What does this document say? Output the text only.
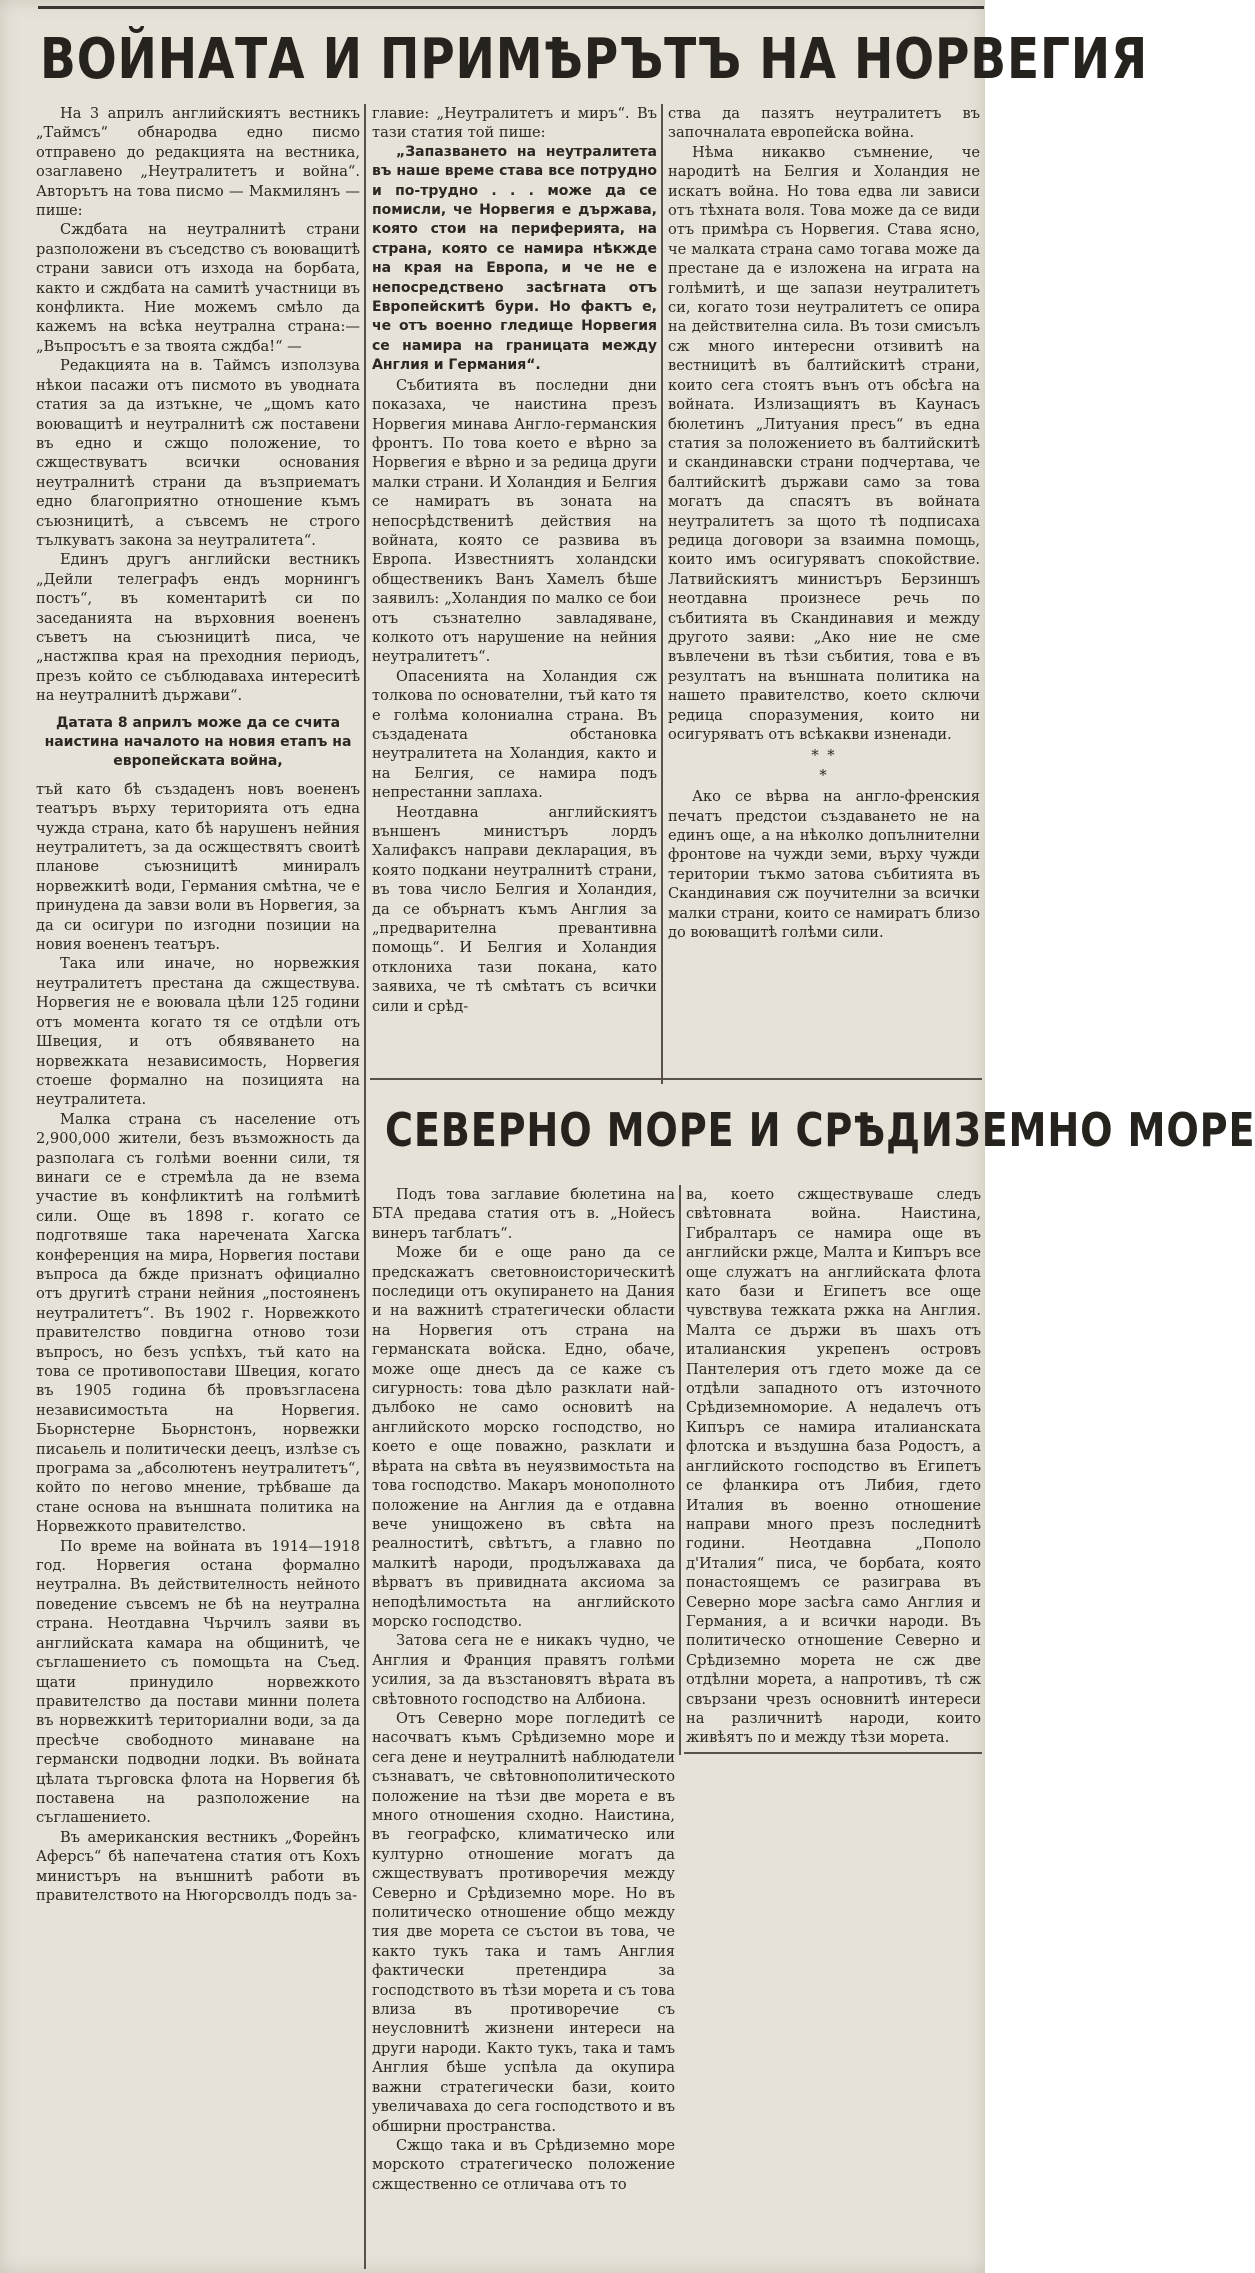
ВОЙНАТА И ПРИМѢРЪТЪ НА НОРВЕГИЯ

На 3 априлъ английскиятъ вестникъ „Таймсъ“ обнародва едно писмо отправено до редакцията на вестника, озаглавено „Неутралитетъ и война“. Авторътъ на това писмо — Макмилянъ — пише:

Сждбата на неутралнитѣ страни разположени въ съседство съ воюващитѣ страни зависи отъ изхода на борбата, както и сждбата на самитѣ участници въ конфликта. Ние можемъ смѣло да кажемъ на всѣка неутрална страна:—„Въпросътъ е за твоята сждба!“ —

Редакцията на в. Таймсъ използува нѣкои пасажи отъ писмото въ уводната статия за да изтъкне, че „щомъ като воюващитѣ и неутралнитѣ сж поставени въ едно и сжщо положение, то сжществуватъ всички основания неутралнитѣ страни да възприематъ едно благоприятно отношение къмъ съюзницитѣ, а съвсемъ не строго тълкуватъ закона за неутралитета“.

Единъ другъ английски вестникъ „Дейли телеграфъ ендъ морнингъ постъ“, въ коментаритѣ си по заседанията на върховния воененъ съветъ на съюзницитѣ писа, че „настжпва края на преходния периодъ, презъ който се съблюдаваха интереситѣ на неутралнитѣ държави“.

Датата 8 априлъ може да се счита наистина началото на новия етапъ на европейската война,

тъй като бѣ създаденъ новъ воененъ театъръ върху територията отъ една чужда страна, като бѣ нарушенъ нейния неутралитетъ, за да осжществятъ своитѣ планове съюзницитѣ миниралъ норвежкитѣ води, Германия смѣтна, че е принудена да завзи воли въ Норвегия, за да си осигури по изгодни позиции на новия воененъ театъръ.

Така или иначе, но норвежкия неутралитетъ престана да сжществува. Норвегия не е воювала цѣли 125 години отъ момента когато тя се отдѣли отъ Швеция, и отъ обявяването на норвежката независимость, Норвегия стоеше формално на позицията на неутралитета.

Малка страна съ население отъ 2,900,000 жители, безъ възможность да разполага съ голѣми военни сили, тя винаги се е стремѣла да не взема участие въ конфликтитѣ на голѣмитѣ сили. Още въ 1898 г. когато се подготвяше така наречената Хагска конференция на мира, Норвегия постави въпроса да бжде признатъ официално отъ другитѣ страни нейния „постояненъ неутралитетъ“. Въ 1902 г. Норвежкото правителство повдигна отново този въпросъ, но безъ успѣхъ, тъй като на това се противопостави Швеция, когато въ 1905 година бѣ провъзгласена независимостьта на Норвегия. Бьорнстерне Бьорнстонъ, норвежки писаьель и политически деецъ, излѣзе съ програма за „абсолютенъ неутралитетъ“, който по негово мнение, трѣбваше да стане основа на външната политика на Норвежкото правителство.

По време на войната въ 1914—1918 год. Норвегия остана формално неутрална. Въ действителность нейното поведение съвсемъ не бѣ на неутрална страна. Неотдавна Чърчилъ заяви въ английската камара на общинитѣ, че съглашението съ помощьта на Съед. щати принудило норвежкото правителство да постави минни полета въ норвежкитѣ териториални води, за да пресѣче свободното минаване на германски подводни лодки. Въ войната цѣлата търговска флота на Норвегия бѣ поставена на разположение на съглашението.

Въ американския вестникъ „Форейнъ Аферсъ“ бѣ напечатена статия отъ Кохъ министъръ на външнитѣ работи въ правителството на Нюгорсволдъ подъ за-

главие: „Неутралитетъ и миръ“. Въ тази статия той пише:

„Запазването на неутралитета въ наше време става все потрудно и по-трудно . . . може да се помисли, че Норвегия е държава, която стои на периферията, на страна, която се намира нѣкжде на края на Европа, и че не е непосредствено засѣгната отъ Европейскитѣ бури. Но фактъ е, че отъ военно гледище Норвегия се намира на границата между Англия и Германия“.

Събитията въ последни дни показаха, че наистина презъ Норвегия минава Англо-германския фронтъ. По това което е вѣрно за Норвегия е вѣрно и за редица други малки страни. И Холандия и Белгия се намиратъ въ зоната на непосрѣдственитѣ действия на войната, която се развива въ Европа. Известниятъ холандски общественикъ Ванъ Хамелъ бѣше заявилъ: „Холандия по малко се бои отъ съзнателно завладяване, колкото отъ нарушение на нейния неутралитетъ“.

Опасенията на Холандия сж толкова по основателни, тъй като тя е голѣма колониална страна. Въ създадената обстановка неутралитета на Холандия, както и на Белгия, се намира подъ непрестанни заплаха.

Неотдавна английскиятъ външенъ министъръ лордъ Халифаксъ направи декларация, въ която подкани неутралнитѣ страни, въ това число Белгия и Холандия, да се обърнатъ къмъ Англия за „предварителна превантивна помощь“. И Белгия и Холандия отклониха тази покана, като заявиха, че тѣ смѣтатъ съ всички сили и срѣд-

ства да пазятъ неутралитетъ въ започналата европейска война.

Нѣма никакво съмнение, че народитѣ на Белгия и Холандия не искатъ война. Но това едва ли зависи отъ тѣхната воля. Това може да се види отъ примѣра съ Норвегия. Става ясно, че малката страна само тогава може да престане да е изложена на играта на голѣмитѣ, и ще запази неутралитетъ си, когато този неутралитетъ се опира на действителна сила. Въ този смисълъ сж много интересни отзивитѣ на вестницитѣ въ балтийскитѣ страни, които сега стоятъ вънъ отъ обсѣга на войната. Излизащиятъ въ Каунасъ бюлетинъ „Литуания пресъ“ въ една статия за положението въ балтийскитѣ и скандинавски страни подчертава, че балтийскитѣ държави само за това могатъ да спасятъ въ войната неутралитетъ за щото тѣ подписаха редица договори за взаимна помощь, които имъ осигуряватъ спокойствие. Латвийскиятъ министъръ Берзиншъ неотдавна произнесе речь по събитията въ Скандинавия и между другото заяви: „Ако ние не сме въвлечени въ тѣзи събития, това е въ резултатъ на външната политика на нашето правителство, което сключи редица споразумения, които ни осигуряватъ отъ всѣкакви изненади.

* *
*

Ако се вѣрва на англо-френския печатъ предстои създаването не на единъ още, а на нѣколко допълнителни фронтове на чужди земи, върху чужди територии тъкмо затова събитията въ Скандинавия сж поучителни за всички малки страни, които се намиратъ близо до воюващитѣ голѣми сили.

СЕВЕРНО МОРЕ И СРѢДИЗЕМНО МОРЕ

Подъ това заглавие бюлетина на БТА предава статия отъ в. „Нойесъ винеръ тагблатъ“.

Може би е още рано да се предскажатъ световноисторическитѣ последици отъ окупирането на Дания и на важнитѣ стратегически области на Норвегия отъ страна на германската войска. Едно, обаче, може още днесъ да се каже съ сигурность: това дѣло разклати най-дълбоко не само основитѣ на английското морско господство, но което е още поважно, разклати и вѣрата на свѣта въ неуязвимостьта на това господство. Макаръ монополното положение на Англия да е отдавна вече унищожено въ свѣта на реалноститѣ, свѣтътъ, а главно по малкитѣ народи, продължаваха да вѣрватъ въ привиднатa аксиома за неподѣлимостьта на английското морско господство.

Затова сега не е никакъ чудно, че Англия и Франция правятъ голѣми усилия, за да възстановятъ вѣрата въ свѣтовното господство на Албиона.

Отъ Северно море погледитѣ се насочватъ къмъ Срѣдиземно море и сега дене и неутралнитѣ наблюдатели съзнаватъ, че свѣтовнополитическото положение на тѣзи две морета е въ много отношения сходно. Наистина, въ географско, климатическо или културно отношение могатъ да сжществуватъ противоречия между Северно и Срѣдиземно море. Но въ политическо отношение общо между тия две морета се състои въ това, че както тукъ така и тамъ Англия фактически претендира за господството въ тѣзи морета и съ това влиза въ противоречие съ неусловнитѣ жизнени интереси на други народи. Както тукъ, така и тамъ Англия бѣше успѣла да окупира важни стратегически бази, които увеличаваха до сега господството и въ обширни пространства.

Сжщо така и въ Срѣдиземно море морското стратегическо положение сжщественно се отличава отъ то

ва, което сжществуваше следъ свѣтовната война. Наистина, Гибралтаръ се намира още въ английски ржце, Малта и Кипъръ все още служатъ на английската флота като бази и Египетъ все още чувствува тежката ржка на Англия. Малта се държи въ шахъ отъ италианския укрепенъ островъ Пантелерия отъ гдето може да се отдѣли западното отъ източното Срѣдиземноморие. А недалечъ отъ Кипъръ се намира италианската флотска и въздушна база Родостъ, а английското господство въ Египетъ се фланкира отъ Либия, гдето Италия въ военно отношение направи много презъ последнитѣ години. Неотдавна „Пополо д'Италия“ писа, че борбата, която понастоящемъ се разиграва въ Северно море засѣга само Англия и Германия, а и всички народи. Въ политическо отношение Северно и Срѣдиземно морета не сж две отдѣлни морета, а напротивъ, тѣ сж свързани чрезъ основнитѣ интереси на различнитѣ народи, които живѣятъ по и между тѣзи морета.
